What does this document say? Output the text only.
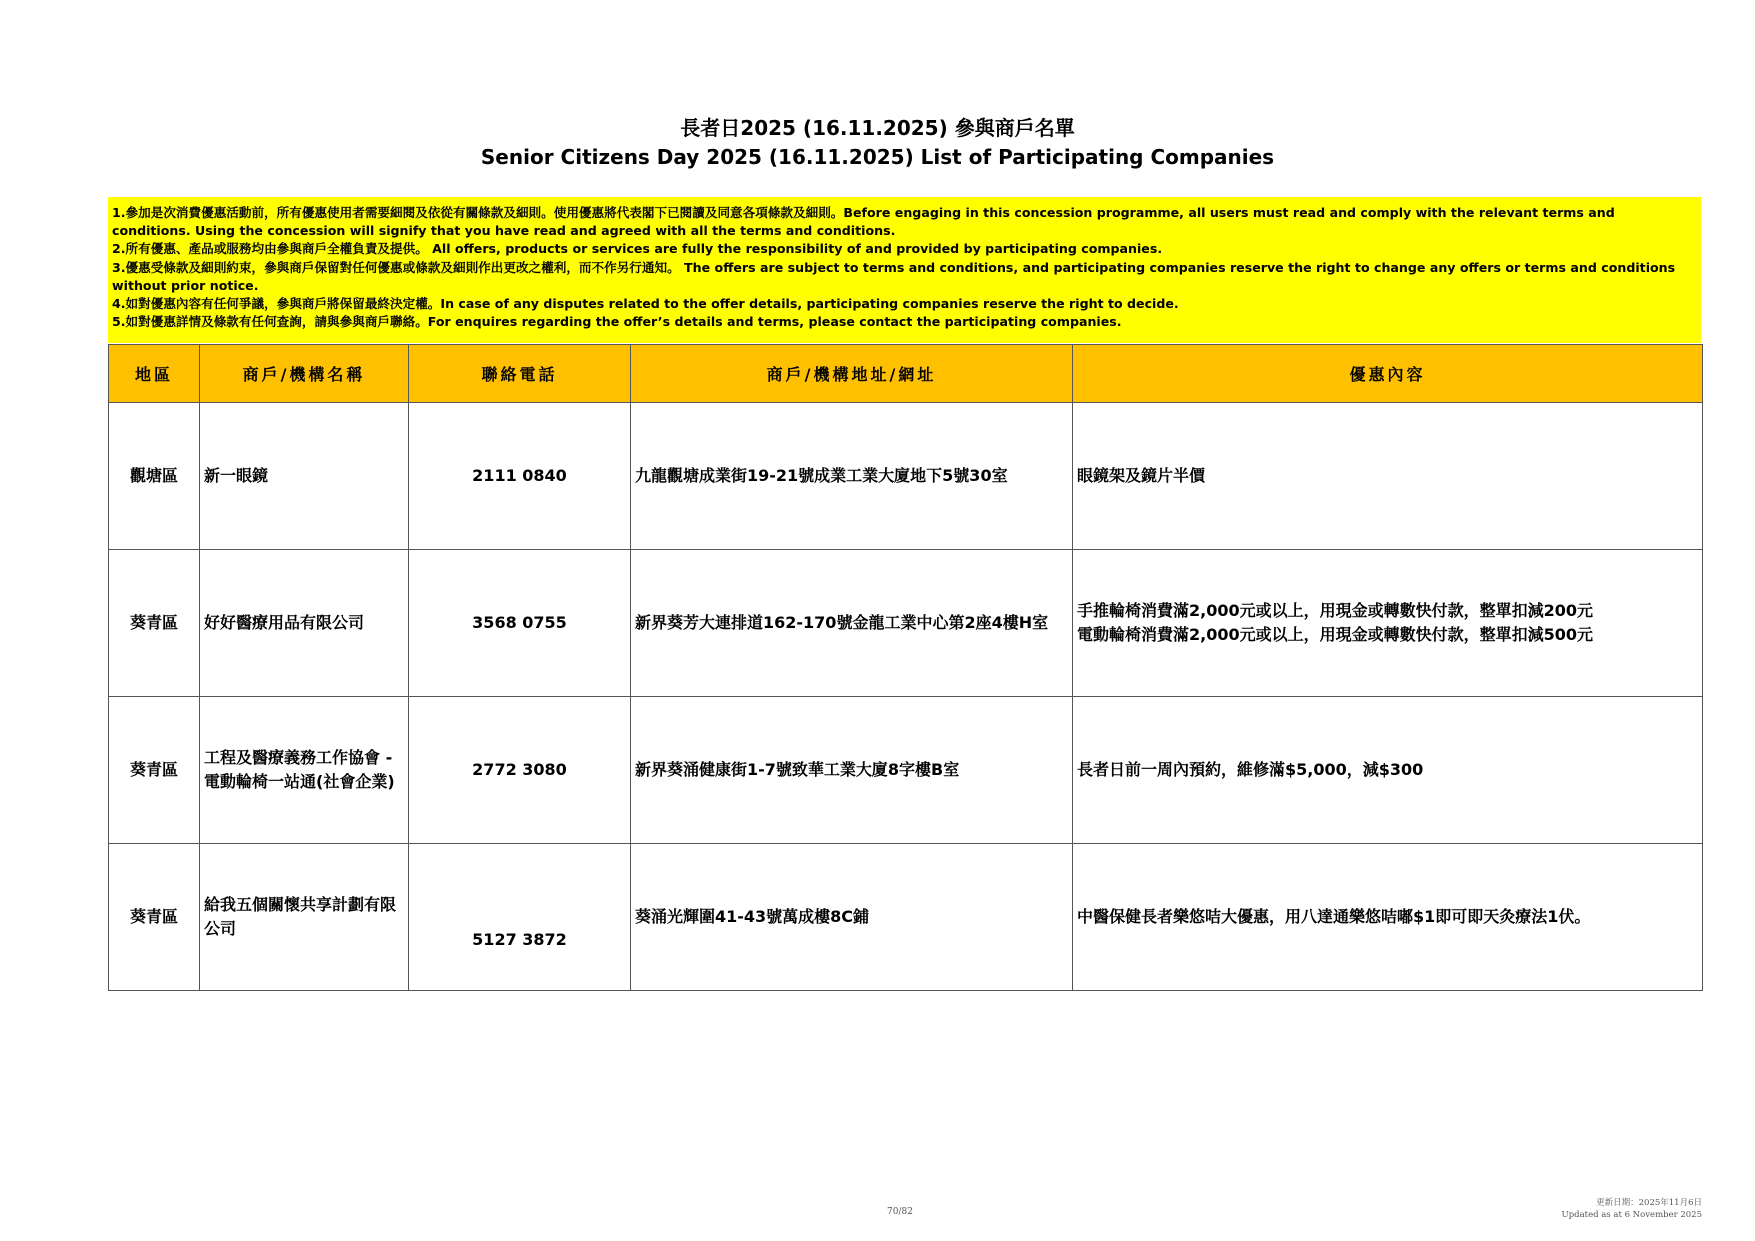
長者日2025 (16.11.2025) 參與商戶名單
Senior Citizens Day 2025 (16.11.2025) List of Participating Companies

1.參加是次消費優惠活動前，所有優惠使用者需要細閱及依從有關條款及細則。使用優惠將代表閣下已閱讀及同意各項條款及細則。Before engaging in this concession programme, all users must read and comply with the relevant terms and conditions. Using the concession will signify that you have read and agreed with all the terms and conditions.

2.所有優惠、產品或服務均由參與商戶全權負責及提供。 All offers, products or services are fully the responsibility of and provided by participating companies.

3.優惠受條款及細則約束，參與商戶保留對任何優惠或條款及細則作出更改之權利，而不作另行通知。 The offers are subject to terms and conditions, and participating companies reserve the right to change any offers or terms and conditions without prior notice.

4.如對優惠內容有任何爭議，參與商戶將保留最終決定權。In case of any disputes related to the offer details, participating companies reserve the right to decide.

5.如對優惠詳情及條款有任何查詢，請與參與商戶聯絡。For enquires regarding the offer’s details and terms, please contact the participating companies.

地區	商戶/機構名稱	聯絡電話	商戶/機構地址/網址	優惠內容
觀塘區	新一眼鏡	2111 0840	九龍觀塘成業街19-21號成業工業大廈地下5號30室	眼鏡架及鏡片半價

葵青區	好好醫療用品有限公司	3568 0755	新界葵芳大連排道162-170號金龍工業中心第2座4樓H室	手推輪椅消費滿2,000元或以上，用現金或轉數快付款，整單扣減200元
電動輪椅消費滿2,000元或以上，用現金或轉數快付款，整單扣減500元

葵青區	工程及醫療義務工作協會 - 電動輪椅一站通(社會企業)	2772 3080	新界葵涌健康街1-7號致華工業大廈8字樓B室	長者日前一周內預約，維修滿$5,000，減$300

葵青區	給我五個關懷共享計劃有限公司	5127 3872	葵涌光輝圍41-43號萬成樓8C鋪	中醫保健長者樂悠咭大優惠，用八達通樂悠咭嘟$1即可即天灸療法1伏。
70/82
更新日期：2025年11月6日
Updated as at 6 November 2025
